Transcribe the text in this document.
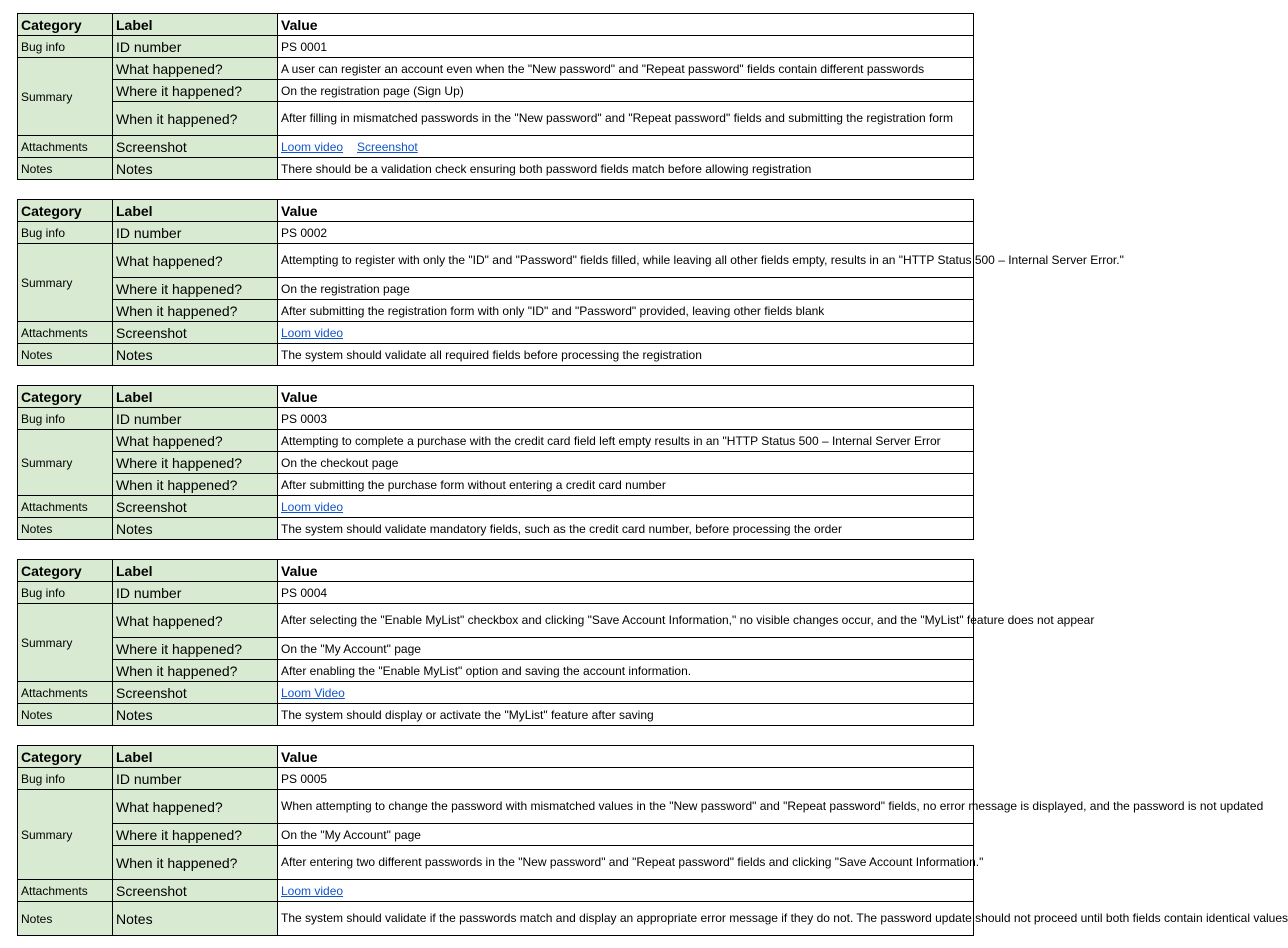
Category	Label	Value
Bug info	ID number	PS 0001
Summary	What happened?	A user can register an account even when the "New password" and "Repeat password" fields contain different passwords
	Where it happened?	On the registration page (Sign Up)
	When it happened?	After filling in mismatched passwords in the "New password" and "Repeat password" fields and submitting the registration form
Attachments	Screenshot	Loom video Screenshot
Notes	Notes	There should be a validation check ensuring both password fields match before allowing registration
Category	Label	Value
Bug info	ID number	PS 0002
Summary	What happened?	Attempting to register with only the "ID" and "Password" fields filled, while leaving all other fields empty, results in an "HTTP Status 500 – Internal Server Error."
	Where it happened?	On the registration page
	When it happened?	After submitting the registration form with only "ID" and "Password" provided, leaving other fields blank
Attachments	Screenshot	Loom video
Notes	Notes	The system should validate all required fields before processing the registration
Category	Label	Value
Bug info	ID number	PS 0003
Summary	What happened?	Attempting to complete a purchase with the credit card field left empty results in an "HTTP Status 500 – Internal Server Error
	Where it happened?	On the checkout page
	When it happened?	After submitting the purchase form without entering a credit card number
Attachments	Screenshot	Loom video
Notes	Notes	The system should validate mandatory fields, such as the credit card number, before processing the order
Category	Label	Value
Bug info	ID number	PS 0004
Summary	What happened?	After selecting the "Enable MyList" checkbox and clicking "Save Account Information," no visible changes occur, and the "MyList" feature does not appear
	Where it happened?	On the "My Account" page
	When it happened?	After enabling the "Enable MyList" option and saving the account information.
Attachments	Screenshot	Loom Video
Notes	Notes	The system should display or activate the "MyList" feature after saving
Category	Label	Value
Bug info	ID number	PS 0005
Summary	What happened?	When attempting to change the password with mismatched values in the "New password" and "Repeat password" fields, no error message is displayed, and the password is not updated
	Where it happened?	On the "My Account" page
	When it happened?	After entering two different passwords in the "New password" and "Repeat password" fields and clicking "Save Account Information."
Attachments	Screenshot	Loom video
Notes	Notes	The system should validate if the passwords match and display an appropriate error message if they do not. The password update should not proceed until both fields contain identical values
